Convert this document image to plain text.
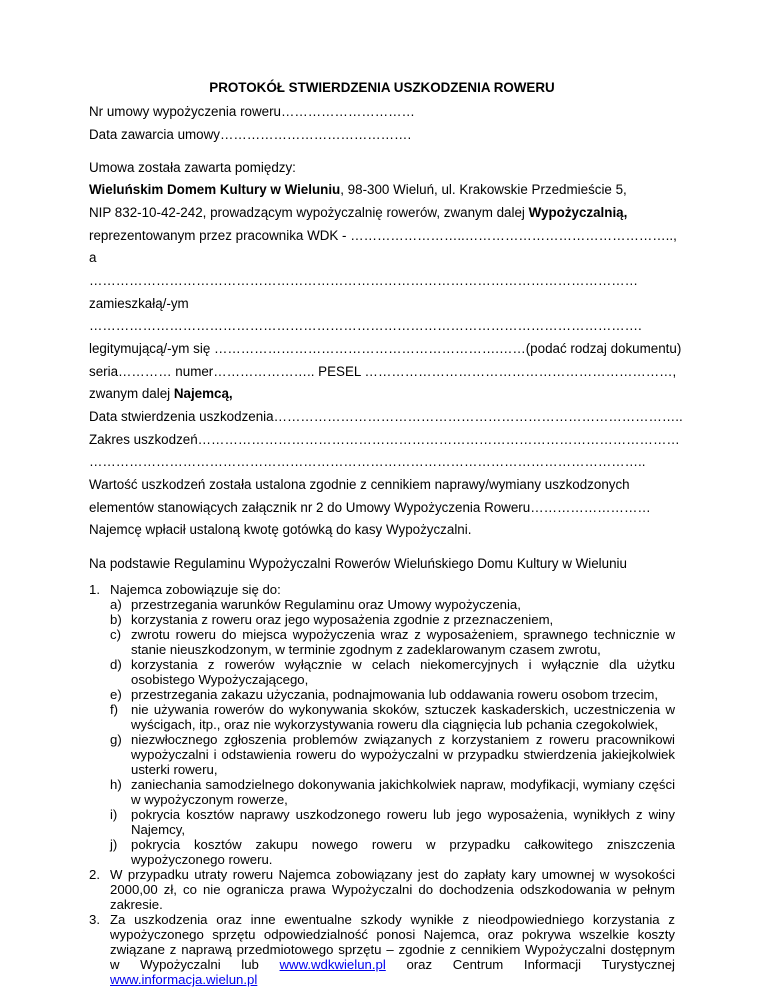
PROTOKÓŁ STWIERDZENIA USZKODZENIA ROWERU
Nr umowy wypożyczenia roweru…………………………
Data zawarcia umowy…………………………………….
Umowa została zawarta pomiędzy:
Wieluńskim Domem Kultury w Wieluniu, 98-300 Wieluń, ul. Krakowskie Przedmieście 5,
NIP 832-10-42-242, prowadzącym wypożyczalnię rowerów, zwanym dalej Wypożyczalnią,
reprezentowanym przez pracownika WDK - ……………………..………………………………………..,
a
……………………………………………………………………………………………………………
zamieszkałą/-ym
…………………………………………………………………………………………………………….
legitymującą/-ym się ……………………………………………………….……(podać rodzaj dokumentu)
seria………… numer………………….. PESEL ……………………………………………………………,
zwanym dalej Najemcą,
Data stwierdzenia uszkodzenia………………………………………………………………………………..
Zakres uszkodzeń………………………………………………………………………………………………
……………………………………………………………………………………………………………..
Wartość uszkodzeń została ustalona zgodnie z cennikiem naprawy/wymiany uszkodzonych
elementów stanowiących załącznik nr 2 do Umowy Wypożyczenia Roweru………………………
Najemcę wpłacił ustaloną kwotę gotówką do kasy Wypożyczalni.
Na podstawie Regulaminu Wypożyczalni Rowerów Wieluńskiego Domu Kultury w Wieluniu
1. Najemca zobowiązuje się do:
a) przestrzegania warunków Regulaminu oraz Umowy wypożyczenia,
b) korzystania z roweru oraz jego wyposażenia zgodnie z przeznaczeniem,
c) zwrotu roweru do miejsca wypożyczenia wraz z wyposażeniem, sprawnego technicznie w stanie nieuszkodzonym, w terminie zgodnym z zadeklarowanym czasem zwrotu,
d) korzystania z rowerów wyłącznie w celach niekomercyjnych i wyłącznie dla użytku osobistego Wypożyczającego,
e) przestrzegania zakazu użyczania, podnajmowania lub oddawania roweru osobom trzecim,
f) nie używania rowerów do wykonywania skoków, sztuczek kaskaderskich, uczestniczenia w wyścigach, itp., oraz nie wykorzystywania roweru dla ciągnięcia lub pchania czegokolwiek,
g) niezwłocznego zgłoszenia problemów związanych z korzystaniem z roweru pracownikowi wypożyczalni i odstawienia roweru do wypożyczalni w przypadku stwierdzenia jakiejkolwiek usterki roweru,
h) zaniechania samodzielnego dokonywania jakichkolwiek napraw, modyfikacji, wymiany części w wypożyczonym rowerze,
i) pokrycia kosztów naprawy uszkodzonego roweru lub jego wyposażenia, wynikłych z winy Najemcy,
j) pokrycia kosztów zakupu nowego roweru w przypadku całkowitego zniszczenia wypożyczonego roweru.
2. W przypadku utraty roweru Najemca zobowiązany jest do zapłaty kary umownej w wysokości 2000,00 zł, co nie ogranicza prawa Wypożyczalni do dochodzenia odszkodowania w pełnym zakresie.
3. Za uszkodzenia oraz inne ewentualne szkody wynikłe z nieodpowiedniego korzystania z wypożyczonego sprzętu odpowiedzialność ponosi Najemca, oraz pokrywa wszelkie koszty związane z naprawą przedmiotowego sprzętu – zgodnie z cennikiem Wypożyczalni dostępnym w Wypożyczalni lub www.wdkwielun.pl oraz Centrum Informacji Turystycznej www.informacja.wielun.pl
